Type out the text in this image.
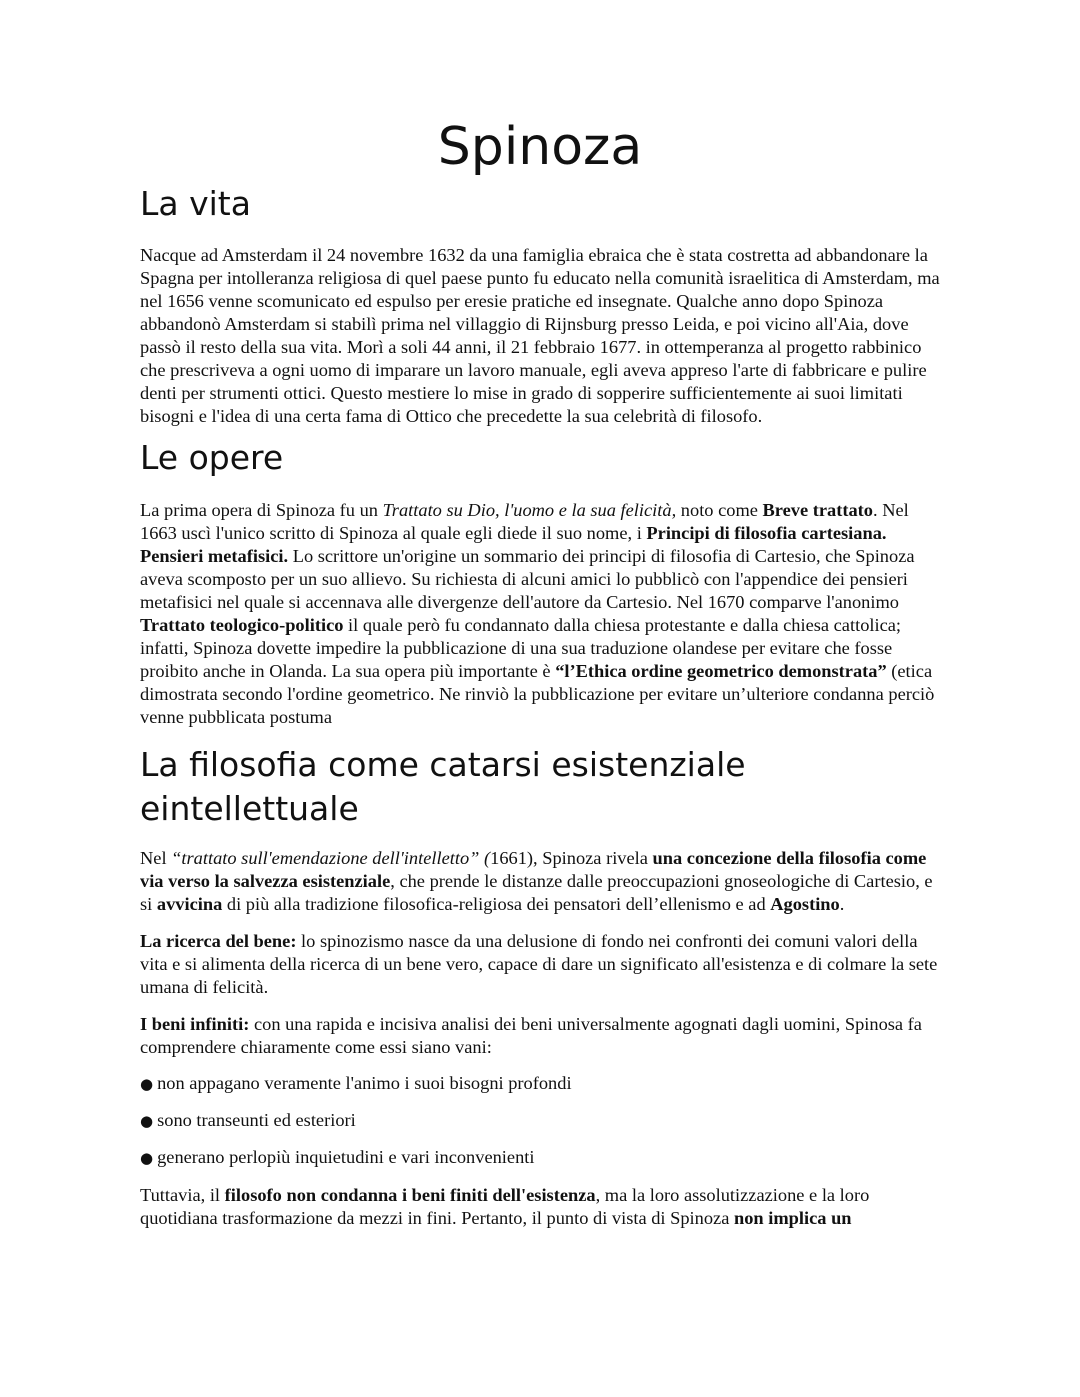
Spinoza
La vita

Nacque ad Amsterdam il 24 novembre 1632 da una famiglia ebraica che è stata costretta ad abbandonare la Spagna per intolleranza religiosa di quel paese punto fu educato nella comunità israelitica di Amsterdam, ma nel 1656 venne scomunicato ed espulso per eresie pratiche ed insegnate. Qualche anno dopo Spinoza abbandonò Amsterdam si stabilì prima nel villaggio di Rijnsburg presso Leida, e poi vicino all'Aia, dove passò il resto della sua vita. Morì a soli 44 anni, il 21 febbraio 1677. in ottemperanza al progetto rabbinico che prescriveva a ogni uomo di imparare un lavoro manuale, egli aveva appreso l'arte di fabbricare e pulire denti per strumenti ottici. Questo mestiere lo mise in grado di sopperire sufficientemente ai suoi limitati bisogni e l'idea di una certa fama di Ottico che precedette la sua celebrità di filosofo.

Le opere

La prima opera di Spinoza fu un Trattato su Dio, l'uomo e la sua felicità, noto come Breve trattato. Nel 1663 uscì l'unico scritto di Spinoza al quale egli diede il suo nome, i Principi di filosofia cartesiana. Pensieri metafisici. Lo scrittore un'origine un sommario dei principi di filosofia di Cartesio, che Spinoza aveva scomposto per un suo allievo. Su richiesta di alcuni amici lo pubblicò con l'appendice dei pensieri metafisici nel quale si accennava alle divergenze dell'autore da Cartesio. Nel 1670 comparve l'anonimo Trattato teologico-politico il quale però fu condannato dalla chiesa protestante e dalla chiesa cattolica; infatti, Spinoza dovette impedire la pubblicazione di una sua traduzione olandese per evitare che fosse proibito anche in Olanda. La sua opera più importante è “l’Ethica ordine geometrico demonstrata” (etica dimostrata secondo l'ordine geometrico. Ne rinviò la pubblicazione per evitare un’ulteriore condanna perciò venne pubblicata postuma

La filosofia come catarsi esistenziale eintellettuale

Nel “trattato sull'emendazione dell'intelletto” (1661), Spinoza rivela una concezione della filosofia come via verso la salvezza esistenziale, che prende le distanze dalle preoccupazioni gnoseologiche di Cartesio, e si avvicina di più alla tradizione filosofica-religiosa dei pensatori dell’ellenismo e ad Agostino.

La ricerca del bene: lo spinozismo nasce da una delusione di fondo nei confronti dei comuni valori della vita e si alimenta della ricerca di un bene vero, capace di dare un significato all'esistenza e di colmare la sete umana di felicità.

I beni infiniti: con una rapida e incisiva analisi dei beni universalmente agognati dagli uomini, Spinosa fa comprendere chiaramente come essi siano vani:

● non appagano veramente l'animo i suoi bisogni profondi

● sono transeunti ed esteriori

● generano perlopiù inquietudini e vari inconvenienti

Tuttavia, il filosofo non condanna i beni finiti dell'esistenza, ma la loro assolutizzazione e la loro quotidiana trasformazione da mezzi in fini. Pertanto, il punto di vista di Spinoza non implica un
